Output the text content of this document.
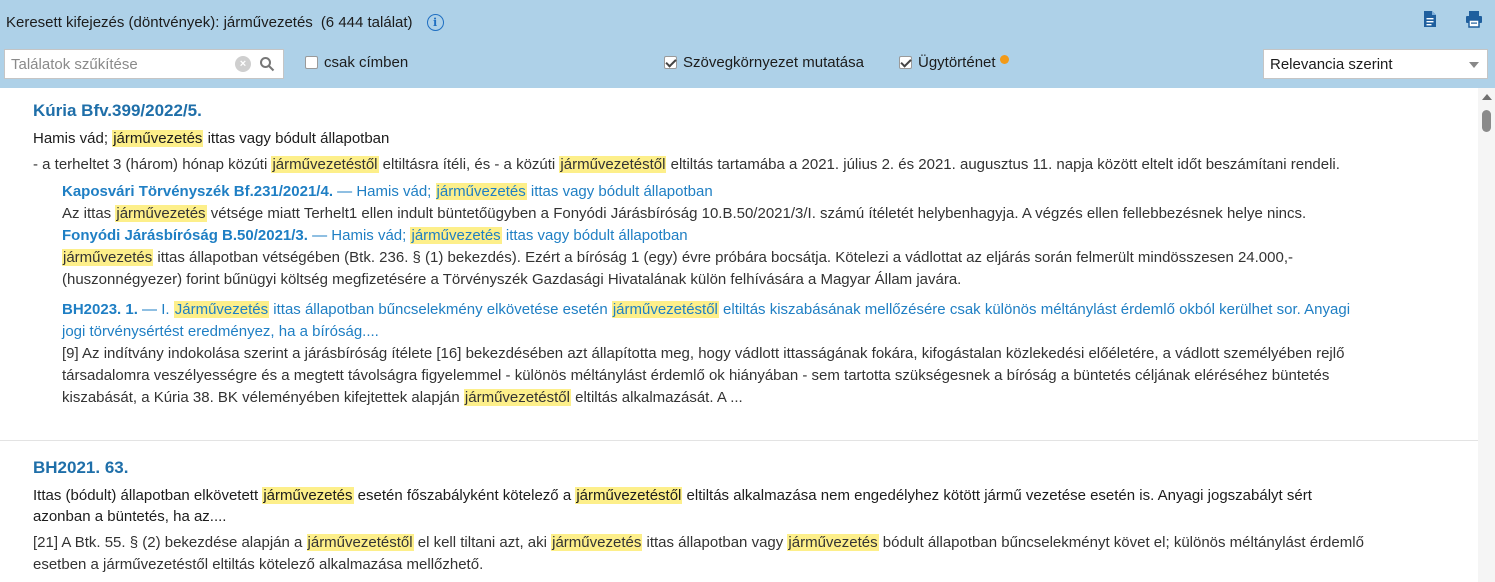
Keresett kifejezés (döntvények): járművezetés (6 444 találat)	i
Találatok szűkítése
×	csak címben	Szövegkörnyezet mutatása	Ügytörténet	Relevancia szerint
Kúria Bfv.399/2022/5.
Hamis vád; járművezetés ittas vagy bódult állapotban
- a terheltet 3 (három) hónap közúti járművezetéstől eltiltásra ítéli, és - a közúti járművezetéstől eltiltás tartamába a 2021. július 2. és 2021. augusztus 11. napja között eltelt időt beszámítani rendeli.
Kaposvári Törvényszék Bf.231/2021/4. — Hamis vád; járművezetés ittas vagy bódult állapotban
Az ittas járművezetés vétsége miatt Terhelt1 ellen indult büntetőügyben a Fonyódi Járásbíróság 10.B.50/2021/3/I. számú ítéletét helybenhagyja. A végzés ellen fellebbezésnek helye nincs.
Fonyódi Járásbíróság B.50/2021/3. — Hamis vád; járművezetés ittas vagy bódult állapotban
járművezetés ittas állapotban vétségében (Btk. 236. § (1) bekezdés). Ezért a bíróság 1 (egy) évre próbára bocsátja. Kötelezi a vádlottat az eljárás során felmerült mindösszesen 24.000,- (huszonnégyezer) forint bűnügyi költség megfizetésére a Törvényszék Gazdasági Hivatalának külön felhívására a Magyar Állam javára.
BH2023. 1. — I. Járművezetés ittas állapotban bűncselekmény elkövetése esetén járművezetéstől eltiltás kiszabásának mellőzésére csak különös méltánylást érdemlő okból kerülhet sor. Anyagi jogi törvénysértést eredményez, ha a bíróság....
[9] Az indítvány indokolása szerint a járásbíróság ítélete [16] bekezdésében azt állapította meg, hogy vádlott ittasságának fokára, kifogástalan közlekedési előéletére, a vádlott személyében rejlő társadalomra veszélyességre és a megtett távolságra figyelemmel - különös méltánylást érdemlő ok hiányában - sem tartotta szükségesnek a bíróság a büntetés céljának eléréséhez büntetés kiszabását, a Kúria 38. BK véleményében kifejtettek alapján járművezetéstől eltiltás alkalmazását. A ...
BH2021. 63.
Ittas (bódult) állapotban elkövetett járművezetés esetén főszabályként kötelező a járművezetéstől eltiltás alkalmazása nem engedélyhez kötött jármű vezetése esetén is. Anyagi jogszabályt sért azonban a büntetés, ha az....
[21] A Btk. 55. § (2) bekezdése alapján a járművezetéstől el kell tiltani azt, aki járművezetés ittas állapotban vagy járművezetés bódult állapotban bűncselekményt követ el; különös méltánylást érdemlő esetben a járművezetéstől eltiltás kötelező alkalmazása mellőzhető.
